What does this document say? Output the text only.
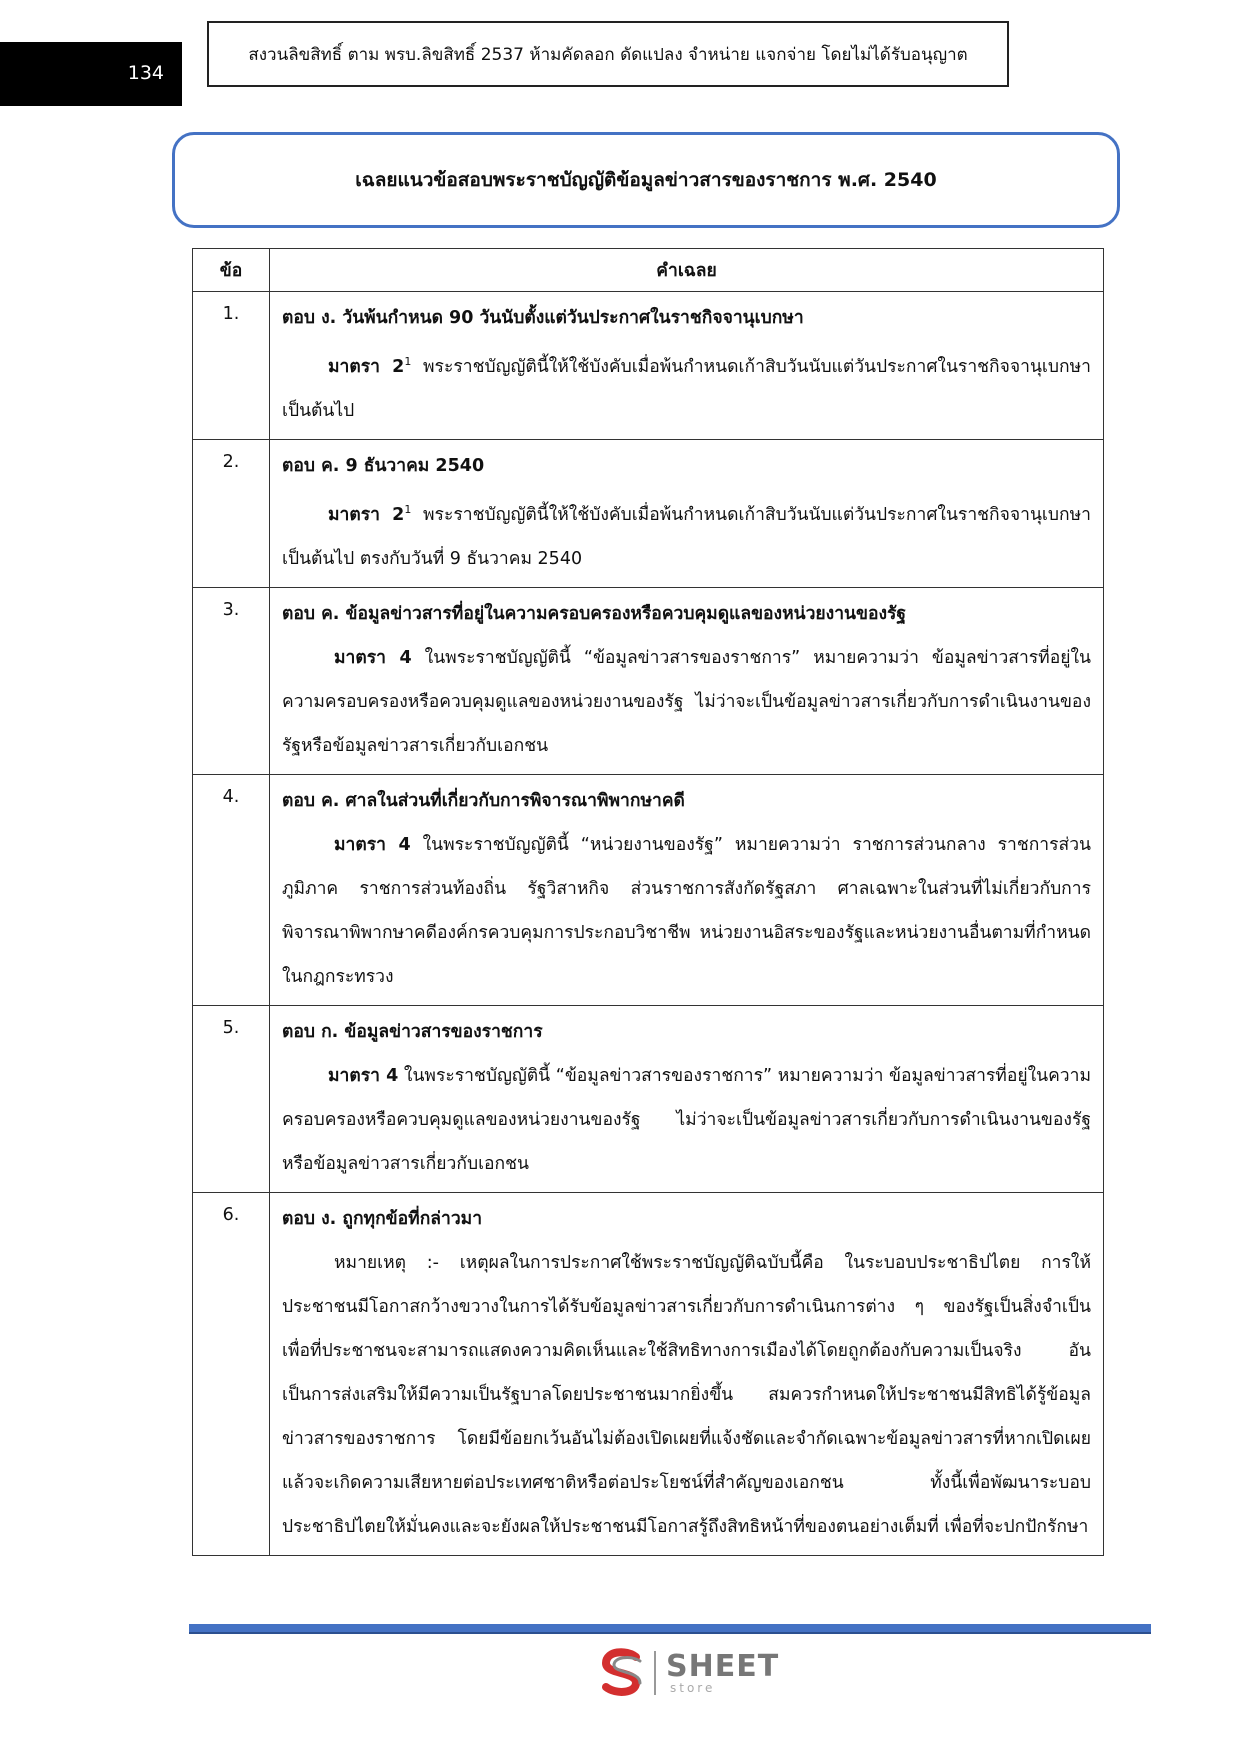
134
สงวนลิขสิทธิ์ ตาม พรบ.ลิขสิทธิ์ 2537 ห้ามคัดลอก ดัดแปลง จำหน่าย แจกจ่าย โดยไม่ได้รับอนุญาต
เฉลยแนวข้อสอบพระราชบัญญัติข้อมูลข่าวสารของราชการ พ.ศ. 2540
ข้อ	คำเฉลย
1.	ตอบ ง. วันพ้นกำหนด 90 วันนับตั้งแต่วันประกาศในราชกิจจานุเบกษา
มาตรา $2^1$ พระราชบัญญัตินี้ให้ใช้บังคับเมื่อพ้นกำหนดเก้าสิบวันนับแต่วันประกาศในราชกิจจานุเบกษาเป็นต้นไป

2.	ตอบ ค. 9 ธันวาคม 2540
มาตรา $2^1$ พระราชบัญญัตินี้ให้ใช้บังคับเมื่อพ้นกำหนดเก้าสิบวันนับแต่วันประกาศในราชกิจจานุเบกษาเป็นต้นไป ตรงกับวันที่ 9 ธันวาคม 2540

3.	ตอบ ค. ข้อมูลข่าวสารที่อยู่ในความครอบครองหรือควบคุมดูแลของหน่วยงานของรัฐ
มาตรา 4 ในพระราชบัญญัตินี้ “ข้อมูลข่าวสารของราชการ” หมายความว่า ข้อมูลข่าวสารที่อยู่ในความครอบครองหรือควบคุมดูแลของหน่วยงานของรัฐ ไม่ว่าจะเป็นข้อมูลข่าวสารเกี่ยวกับการดำเนินงานของรัฐหรือข้อมูลข่าวสารเกี่ยวกับเอกชน

4.	ตอบ ค. ศาลในส่วนที่เกี่ยวกับการพิจารณาพิพากษาคดี
มาตรา 4 ในพระราชบัญญัตินี้ “หน่วยงานของรัฐ” หมายความว่า ราชการส่วนกลาง ราชการส่วนภูมิภาค ราชการส่วนท้องถิ่น รัฐวิสาหกิจ ส่วนราชการสังกัดรัฐสภา ศาลเฉพาะในส่วนที่ไม่เกี่ยวกับการพิจารณาพิพากษาคดีองค์กรควบคุมการประกอบวิชาชีพ หน่วยงานอิสระของรัฐและหน่วยงานอื่นตามที่กำหนดในกฎกระทรวง

5.	ตอบ ก. ข้อมูลข่าวสารของราชการ
มาตรา 4 ในพระราชบัญญัตินี้ “ข้อมูลข่าวสารของราชการ” หมายความว่า ข้อมูลข่าวสารที่อยู่ในความครอบครองหรือควบคุมดูแลของหน่วยงานของรัฐ ไม่ว่าจะเป็นข้อมูลข่าวสารเกี่ยวกับการดำเนินงานของรัฐหรือข้อมูลข่าวสารเกี่ยวกับเอกชน

6.	ตอบ ง. ถูกทุกข้อที่กล่าวมา
หมายเหตุ :- เหตุผลในการประกาศใช้พระราชบัญญัติฉบับนี้คือ ในระบอบประชาธิปไตย การให้ประชาชนมีโอกาสกว้างขวางในการได้รับข้อมูลข่าวสารเกี่ยวกับการดำเนินการต่าง ๆ ของรัฐเป็นสิ่งจำเป็น เพื่อที่ประชาชนจะสามารถแสดงความคิดเห็นและใช้สิทธิทางการเมืองได้โดยถูกต้องกับความเป็นจริง อันเป็นการส่งเสริมให้มีความเป็นรัฐบาลโดยประชาชนมากยิ่งขึ้น สมควรกำหนดให้ประชาชนมีสิทธิได้รู้ข้อมูลข่าวสารของราชการ โดยมีข้อยกเว้นอันไม่ต้องเปิดเผยที่แจ้งชัดและจำกัดเฉพาะข้อมูลข่าวสารที่หากเปิดเผยแล้วจะเกิดความเสียหายต่อประเทศชาติหรือต่อประโยชน์ที่สำคัญของเอกชน ทั้งนี้เพื่อพัฒนาระบอบประชาธิปไตยให้มั่นคงและจะยังผลให้ประชาชนมีโอกาสรู้ถึงสิทธิหน้าที่ของตนอย่างเต็มที่ เพื่อที่จะปกปักรักษา
SHEET
store
